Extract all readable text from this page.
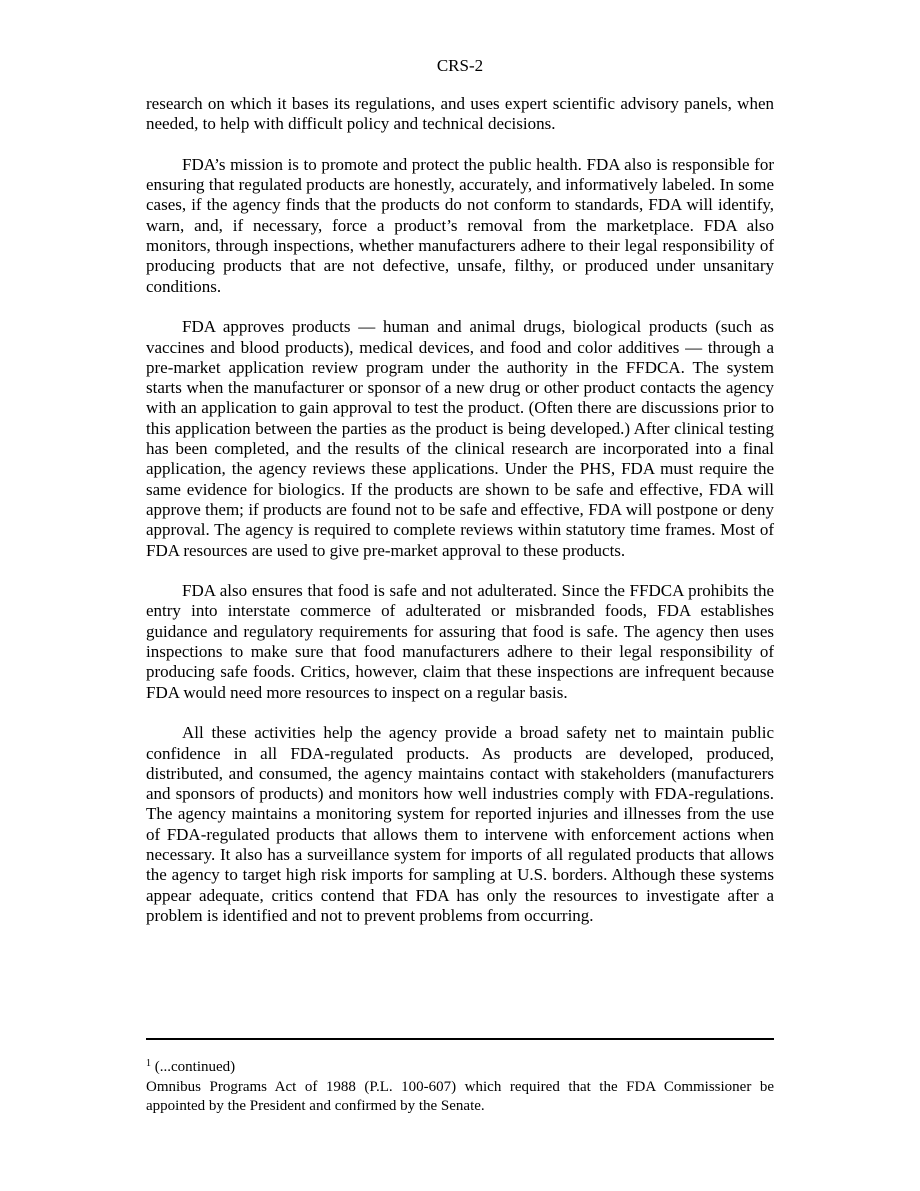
CRS-2

research on which it bases its regulations, and uses expert scientific advisory panels, when needed, to help with difficult policy and technical decisions.

FDA’s mission is to promote and protect the public health. FDA also is responsible for ensuring that regulated products are honestly, accurately, and informatively labeled. In some cases, if the agency finds that the products do not conform to standards, FDA will identify, warn, and, if necessary, force a product’s removal from the marketplace. FDA also monitors, through inspections, whether manufacturers adhere to their legal responsibility of producing products that are not defective, unsafe, filthy, or produced under unsanitary conditions.

FDA approves products — human and animal drugs, biological products (such as vaccines and blood products), medical devices, and food and color additives — through a pre-market application review program under the authority in the FFDCA. The system starts when the manufacturer or sponsor of a new drug or other product contacts the agency with an application to gain approval to test the product. (Often there are discussions prior to this application between the parties as the product is being developed.) After clinical testing has been completed, and the results of the clinical research are incorporated into a final application, the agency reviews these applications. Under the PHS, FDA must require the same evidence for biologics. If the products are shown to be safe and effective, FDA will approve them; if products are found not to be safe and effective, FDA will postpone or deny approval. The agency is required to complete reviews within statutory time frames. Most of FDA resources are used to give pre-market approval to these products.

FDA also ensures that food is safe and not adulterated. Since the FFDCA prohibits the entry into interstate commerce of adulterated or misbranded foods, FDA establishes guidance and regulatory requirements for assuring that food is safe. The agency then uses inspections to make sure that food manufacturers adhere to their legal responsibility of producing safe foods. Critics, however, claim that these inspections are infrequent because FDA would need more resources to inspect on a regular basis.

All these activities help the agency provide a broad safety net to maintain public confidence in all FDA-regulated products. As products are developed, produced, distributed, and consumed, the agency maintains contact with stakeholders (manufacturers and sponsors of products) and monitors how well industries comply with FDA-regulations. The agency maintains a monitoring system for reported injuries and illnesses from the use of FDA-regulated products that allows them to intervene with enforcement actions when necessary. It also has a surveillance system for imports of all regulated products that allows the agency to target high risk imports for sampling at U.S. borders. Although these systems appear adequate, critics contend that FDA has only the resources to investigate after a problem is identified and not to prevent problems from occurring.

$^1$ (...continued)

Omnibus Programs Act of 1988 (P.L. 100-607) which required that the FDA Commissioner be appointed by the President and confirmed by the Senate.
